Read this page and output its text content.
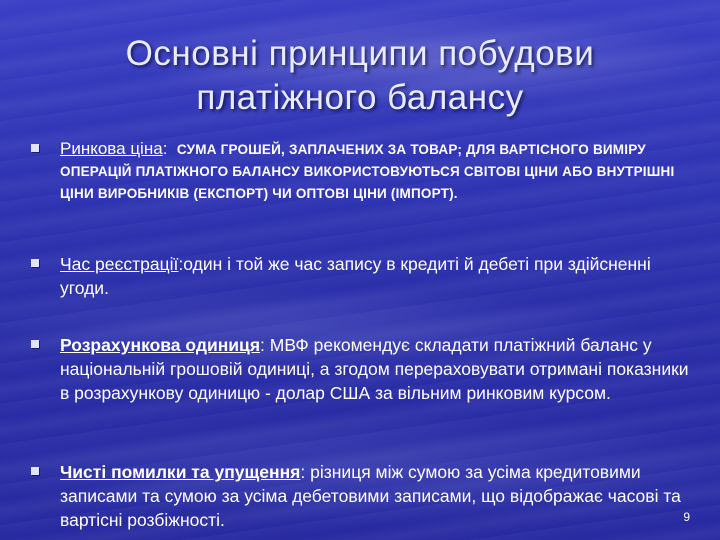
Основні принципи побудови
платіжного балансу
Ринкова ціна: СУМА ГРОШЕЙ, ЗАПЛАЧЕНИХ ЗА ТОВАР; ДЛЯ ВАРТІСНОГО ВИМІРУ ОПЕРАЦІЙ ПЛАТІЖНОГО БАЛАНСУ ВИКОРИСТОВУЮТЬСЯ СВІТОВІ ЦІНИ АБО ВНУТРІШНІ ЦІНИ ВИРОБНИКІВ (ЕКСПОРТ) ЧИ ОПТОВІ ЦІНИ (ІМПОРТ).
Час реєстрації:один і той же час запису в кредиті й дебеті при здійсненні угоди.
Розрахункова одиниця: МВФ рекомендує складати платіжний баланс у національній грошовій одиниці, а згодом перераховувати отримані показники в розрахункову одиницю - долар США за вільним ринковим курсом.
Чисті помилки та упущення: різниця між сумою за усіма кредитовими записами та сумою за усіма дебетовими записами, що відображає часові та вартісні розбіжності.	9
